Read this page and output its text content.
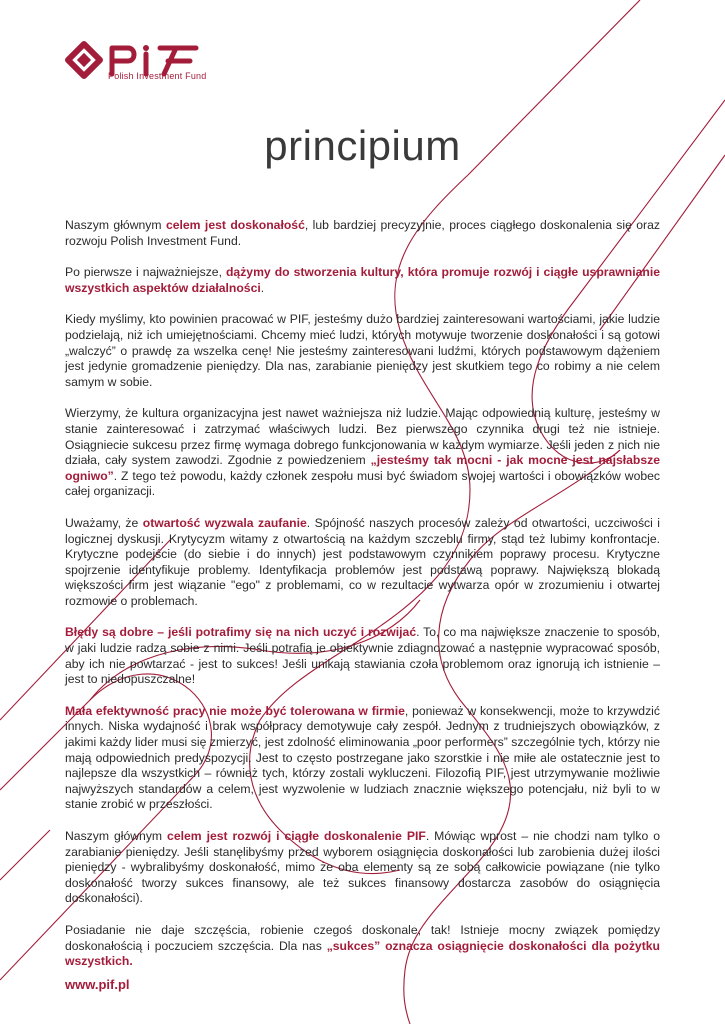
Polish Investment Fund
principium

Naszym głównym celem jest doskonałość, lub bardziej precyzyjnie, proces ciągłego doskonalenia się oraz rozwoju Polish Investment Fund.

Po pierwsze i najważniejsze, dążymy do stworzenia kultury, która promuje rozwój i ciągłe usprawnianie wszystkich aspektów działalności.

Kiedy myślimy, kto powinien pracować w PIF, jesteśmy dużo bardziej zainteresowani wartościami, jakie ludzie podzielają, niż ich umiejętnościami. Chcemy mieć ludzi, których motywuje tworzenie doskonałości i są gotowi „walczyć” o prawdę za wszelka cenę! Nie jesteśmy zainteresowani ludźmi, których podstawowym dążeniem jest jedynie gromadzenie pieniędzy. Dla nas, zarabianie pieniędzy jest skutkiem tego co robimy a nie celem samym w sobie.

Wierzymy, że kultura organizacyjna jest nawet ważniejsza niż ludzie. Mając odpowiednią kulturę, jesteśmy w stanie zainteresować i zatrzymać właściwych ludzi. Bez pierwszego czynnika drugi też nie istnieje. Osiągniecie sukcesu przez firmę wymaga dobrego funkcjonowania w każdym wymiarze. Jeśli jeden z nich nie działa, cały system zawodzi. Zgodnie z powiedzeniem „jesteśmy tak mocni - jak mocne jest najsłabsze ogniwo”. Z tego też powodu, każdy członek zespołu musi być świadom swojej wartości i obowiązków wobec całej organizacji.

Uważamy, że otwartość wyzwala zaufanie. Spójność naszych procesów zależy od otwartości, uczciwości i logicznej dyskusji. Krytycyzm witamy z otwartością na każdym szczeblu firmy, stąd też lubimy konfrontacje. Krytyczne podejście (do siebie i do innych) jest podstawowym czynnikiem poprawy procesu. Krytyczne spojrzenie identyfikuje problemy. Identyfikacja problemów jest podstawą poprawy. Największą blokadą większości firm jest wiązanie "ego" z problemami, co w rezultacie wytwarza opór w zrozumieniu i otwartej rozmowie o problemach.

Błędy są dobre – jeśli potrafimy się na nich uczyć i rozwijać. To, co ma największe znaczenie to sposób, w jaki ludzie radzą sobie z nimi. Jeśli potrafią je obiektywnie zdiagnozować a następnie wypracować sposób, aby ich nie powtarzać - jest to sukces! Jeśli unikają stawiania czoła problemom oraz ignorują ich istnienie – jest to niedopuszczalne!

Mała efektywność pracy nie może być tolerowana w firmie, ponieważ w konsekwencji, może to krzywdzić innych. Niska wydajność i brak współpracy demotywuje cały zespół. Jednym z trudniejszych obowiązków, z jakimi każdy lider musi się zmierzyć, jest zdolność eliminowania „poor performers” szczególnie tych, którzy nie mają odpowiednich predyspozycji. Jest to często postrzegane jako szorstkie i nie miłe ale ostatecznie jest to najlepsze dla wszystkich – również tych, którzy zostali wykluczeni. Filozofią PIF, jest utrzymywanie możliwie najwyższych standardów a celem, jest wyzwolenie w ludziach znacznie większego potencjału, niż byli to w stanie zrobić w przeszłości.

Naszym głównym celem jest rozwój i ciągłe doskonalenie PIF. Mówiąc wprost – nie chodzi nam tylko o zarabianie pieniędzy. Jeśli stanęlibyśmy przed wyborem osiągnięcia doskonałości lub zarobienia dużej ilości pieniędzy - wybralibyśmy doskonałość, mimo że oba elementy są ze sobą całkowicie powiązane (nie tylko doskonałość tworzy sukces finansowy, ale też sukces finansowy dostarcza zasobów do osiągnięcia doskonałości).

Posiadanie nie daje szczęścia, robienie czegoś doskonale, tak! Istnieje mocny związek pomiędzy doskonałością i poczuciem szczęścia. Dla nas „sukces” oznacza osiągnięcie doskonałości dla pożytku wszystkich.

www.pif.pl
